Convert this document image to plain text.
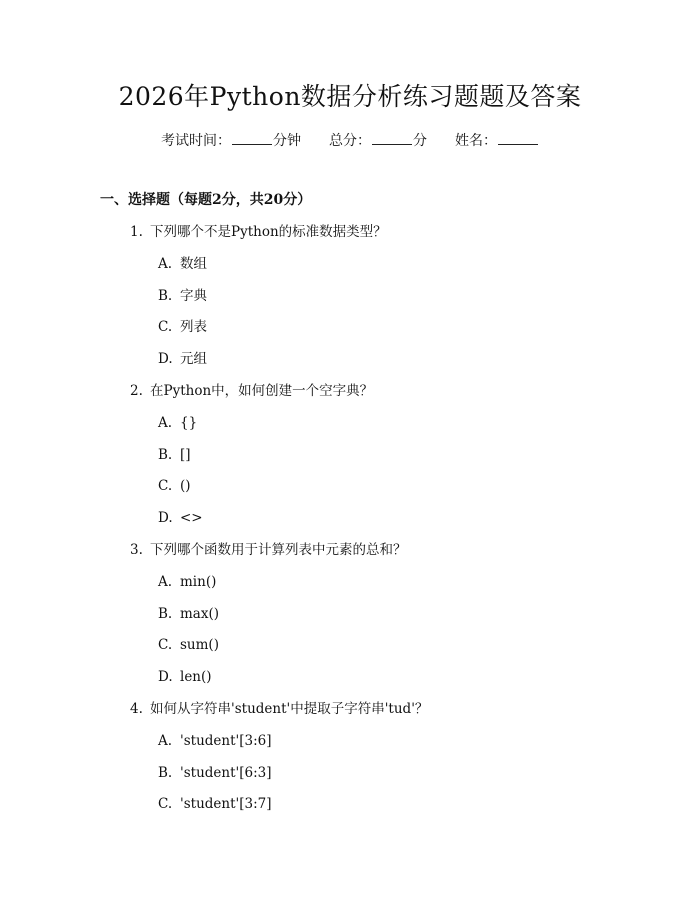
2026年Python数据分析练习题题及答案
考试时间：	分钟 总分：	分 姓名：
一、选择题（每题2分，共20分）
1. 下列哪个不是Python的标准数据类型？
A. 数组
B. 字典
C. 列表
D. 元组
2. 在Python中，如何创建一个空字典？
A. {}
B. []
C. ()
D. <>
3. 下列哪个函数用于计算列表中元素的总和？
A. min()
B. max()
C. sum()
D. len()
4. 如何从字符串'student'中提取子字符串'tud'？
A. 'student'[3:6]
B. 'student'[6:3]
C. 'student'[3:7]
